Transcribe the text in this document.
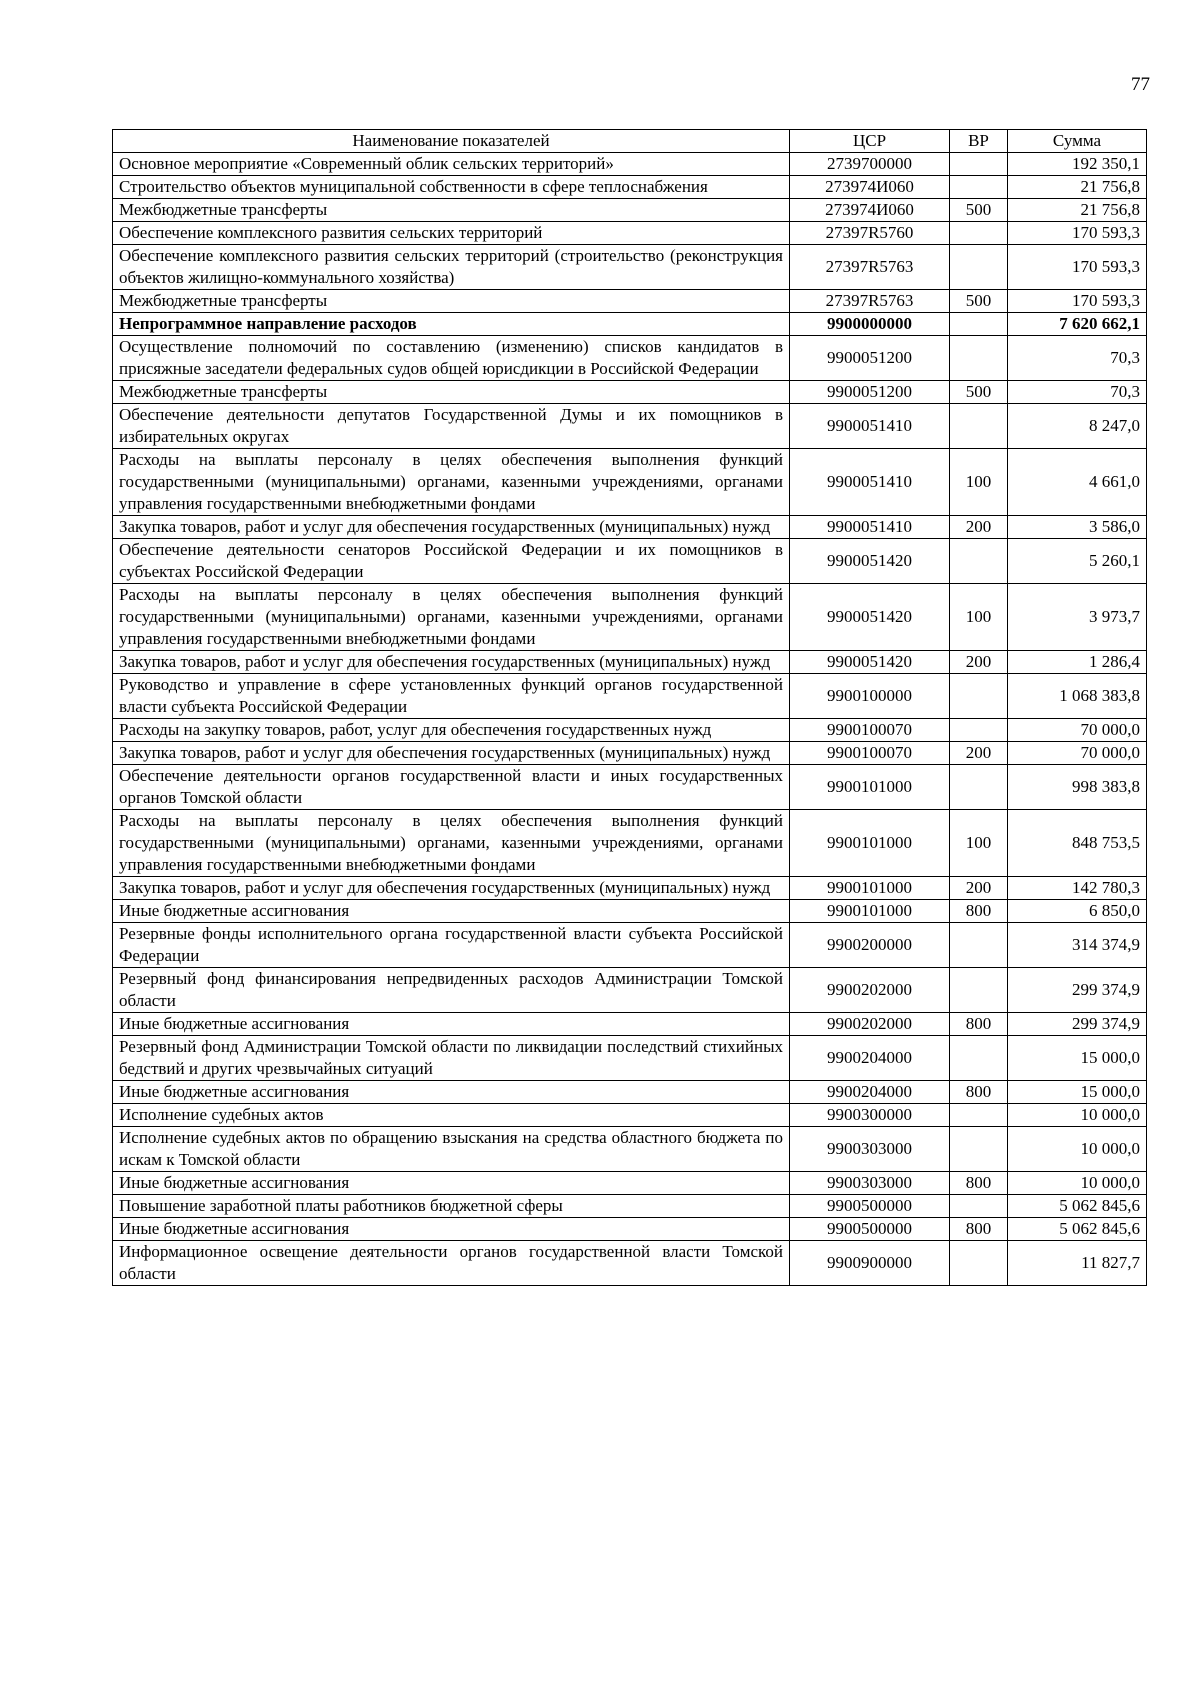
77
Наименование показателей	ЦСР	ВР	Сумма
Основное мероприятие «Современный облик сельских территорий»	2739700000		192 350,1
Строительство объектов муниципальной собственности в сфере теплоснабжения	273974И060		21 756,8
Межбюджетные трансферты	273974И060	500	21 756,8
Обеспечение комплексного развития сельских территорий	27397R5760		170 593,3
Обеспечение комплексного развития сельских территорий (строительство (реконструкция объектов жилищно-коммунального хозяйства)	27397R5763		170 593,3
Межбюджетные трансферты	27397R5763	500	170 593,3
Непрограммное направление расходов	9900000000		7 620 662,1
Осуществление полномочий по составлению (изменению) списков кандидатов в присяжные заседатели федеральных судов общей юрисдикции в Российской Федерации	9900051200		70,3
Межбюджетные трансферты	9900051200	500	70,3
Обеспечение деятельности депутатов Государственной Думы и их помощников в избирательных округах	9900051410		8 247,0
Расходы на выплаты персоналу в целях обеспечения выполнения функций государственными (муниципальными) органами, казенными учреждениями, органами управления государственными внебюджетными фондами	9900051410	100	4 661,0
Закупка товаров, работ и услуг для обеспечения государственных (муниципальных) нужд	9900051410	200	3 586,0
Обеспечение деятельности сенаторов Российской Федерации и их помощников в субъектах Российской Федерации	9900051420		5 260,1
Расходы на выплаты персоналу в целях обеспечения выполнения функций государственными (муниципальными) органами, казенными учреждениями, органами управления государственными внебюджетными фондами	9900051420	100	3 973,7
Закупка товаров, работ и услуг для обеспечения государственных (муниципальных) нужд	9900051420	200	1 286,4
Руководство и управление в сфере установленных функций органов государственной власти субъекта Российской Федерации	9900100000		1 068 383,8
Расходы на закупку товаров, работ, услуг для обеспечения государственных нужд	9900100070		70 000,0
Закупка товаров, работ и услуг для обеспечения государственных (муниципальных) нужд	9900100070	200	70 000,0
Обеспечение деятельности органов государственной власти и иных государственных органов Томской области	9900101000		998 383,8
Расходы на выплаты персоналу в целях обеспечения выполнения функций государственными (муниципальными) органами, казенными учреждениями, органами управления государственными внебюджетными фондами	9900101000	100	848 753,5
Закупка товаров, работ и услуг для обеспечения государственных (муниципальных) нужд	9900101000	200	142 780,3
Иные бюджетные ассигнования	9900101000	800	6 850,0
Резервные фонды исполнительного органа государственной власти субъекта Российской Федерации	9900200000		314 374,9
Резервный фонд финансирования непредвиденных расходов Администрации Томской области	9900202000		299 374,9
Иные бюджетные ассигнования	9900202000	800	299 374,9
Резервный фонд Администрации Томской области по ликвидации последствий стихийных бедствий и других чрезвычайных ситуаций	9900204000		15 000,0
Иные бюджетные ассигнования	9900204000	800	15 000,0
Исполнение судебных актов	9900300000		10 000,0
Исполнение судебных актов по обращению взыскания на средства областного бюджета по искам к Томской области	9900303000		10 000,0
Иные бюджетные ассигнования	9900303000	800	10 000,0
Повышение заработной платы работников бюджетной сферы	9900500000		5 062 845,6
Иные бюджетные ассигнования	9900500000	800	5 062 845,6
Информационное освещение деятельности органов государственной власти Томской области	9900900000		11 827,7
